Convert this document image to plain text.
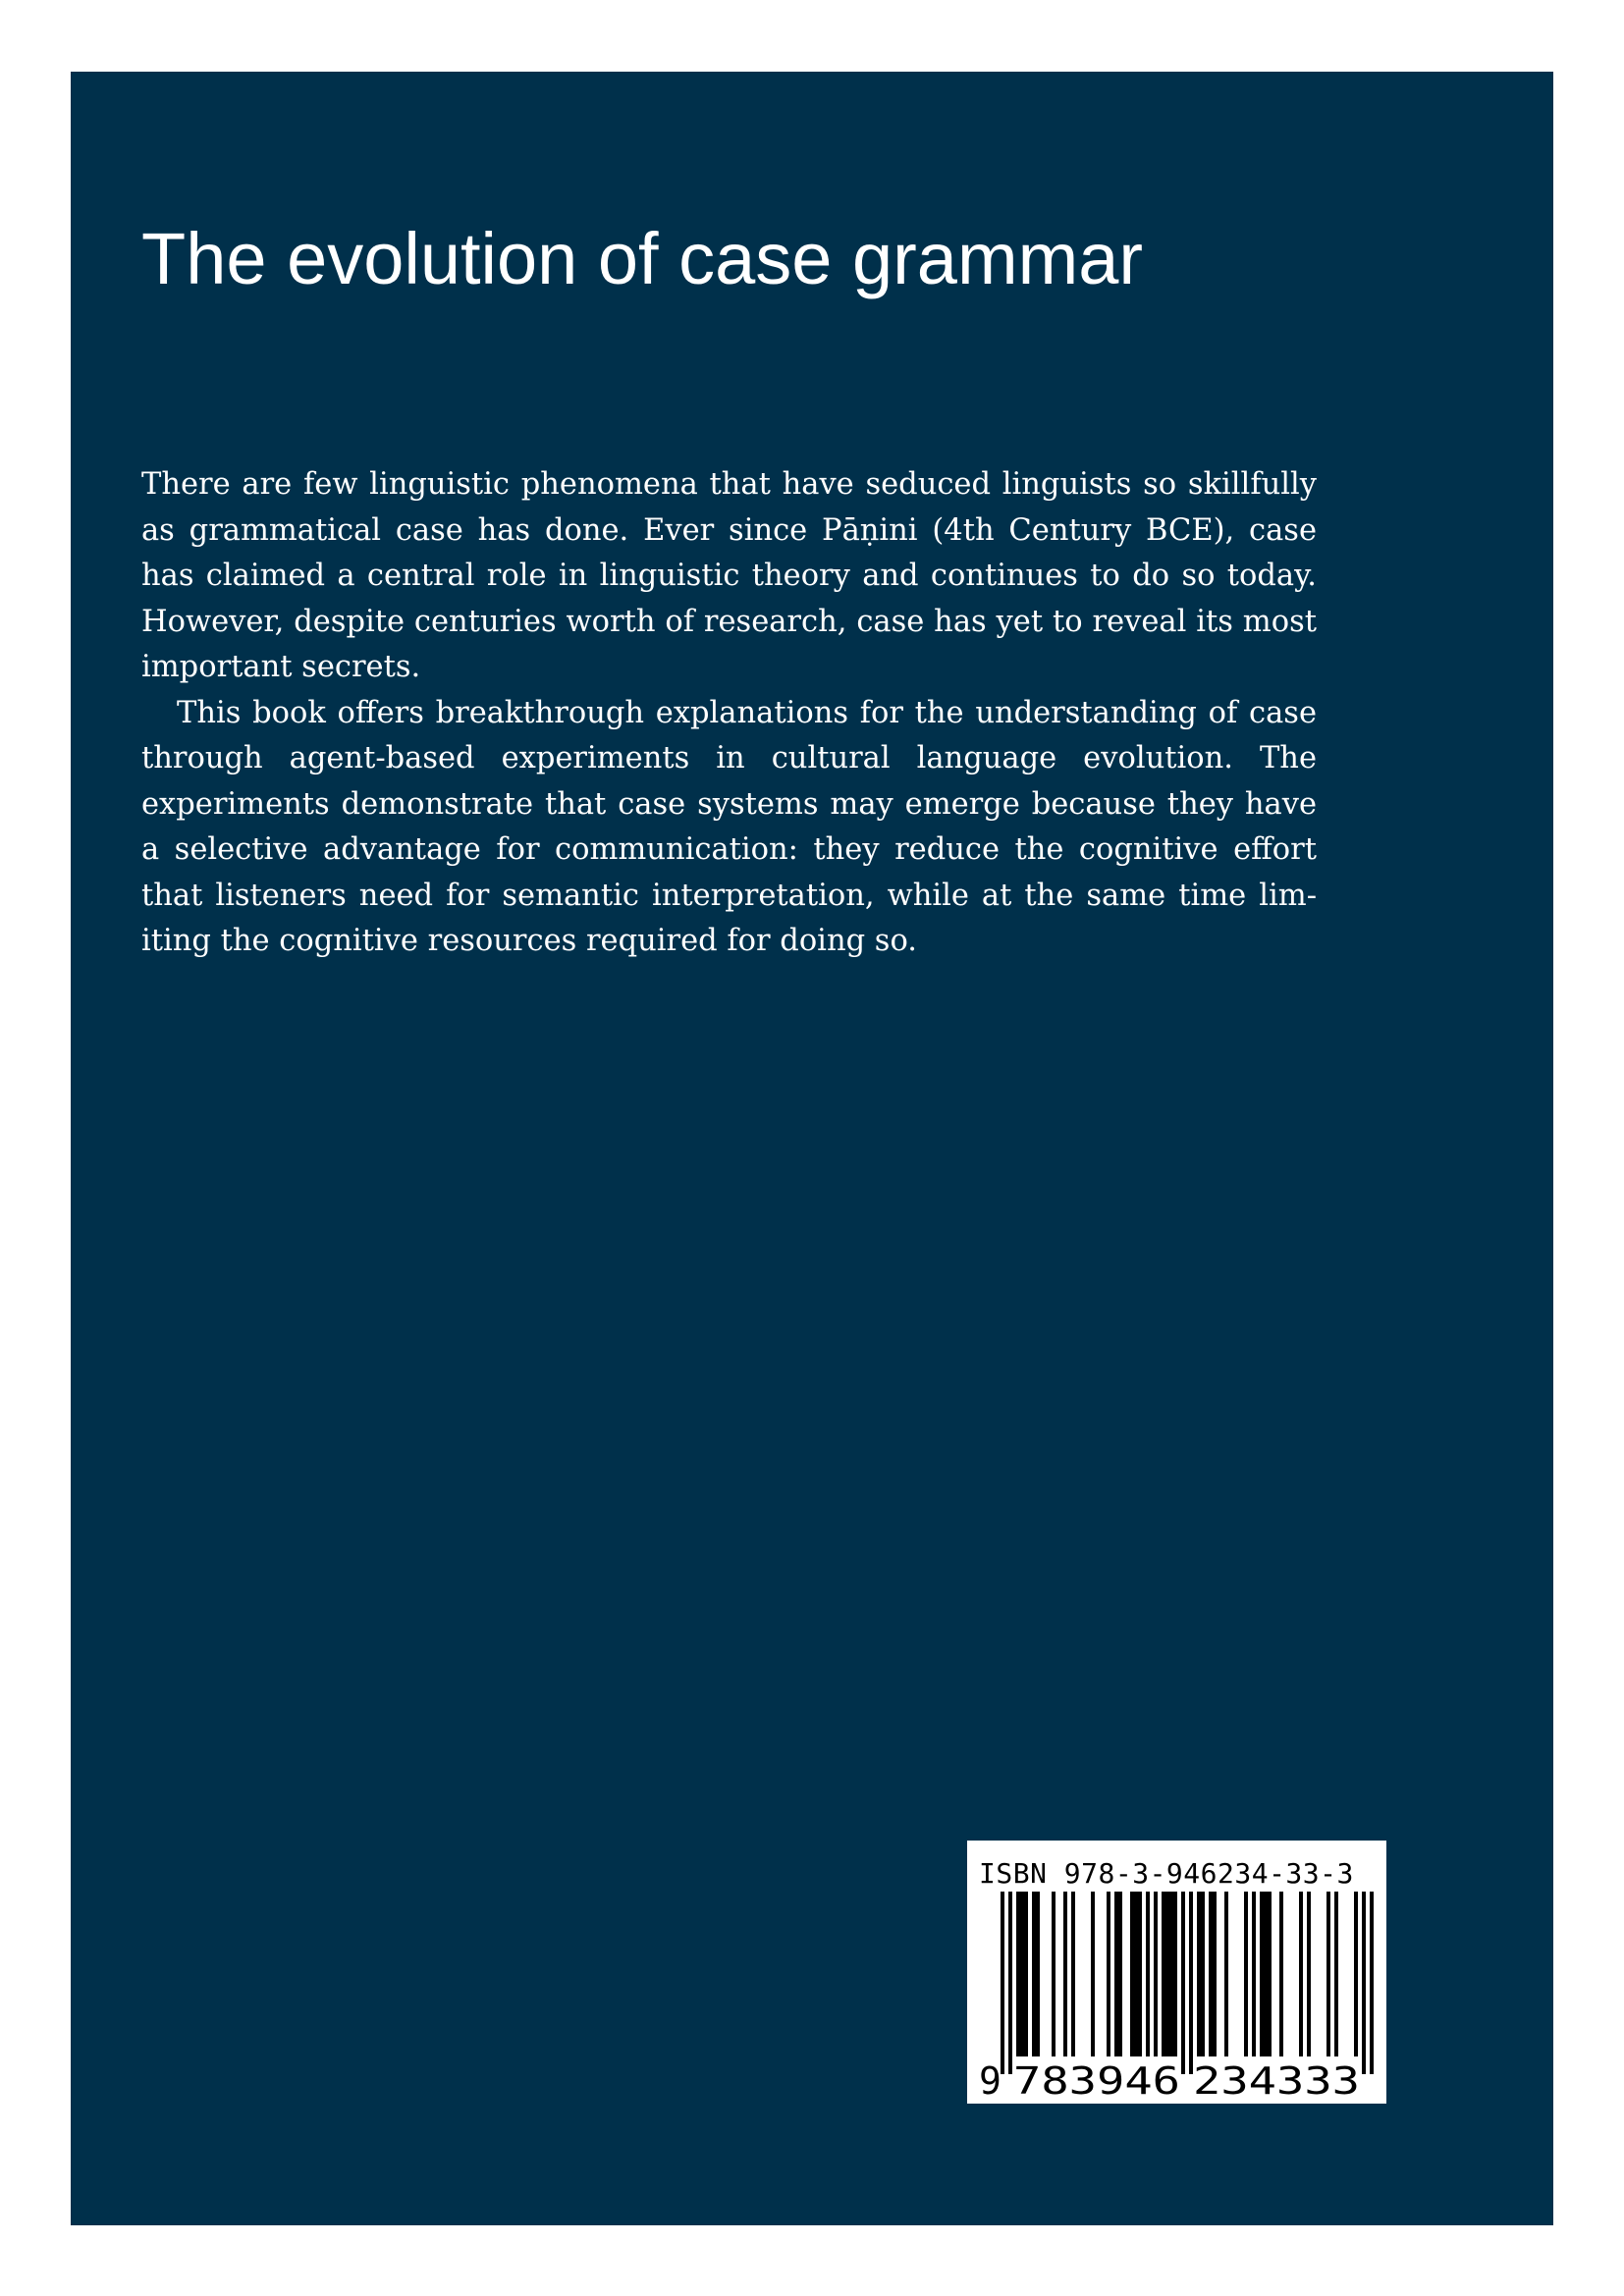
The evolution of case grammar

There are few linguistic phenomena that have seduced linguists so skillfully as grammatical case has done. Ever since Pāṇini (4th Century BCE), case has claimed a central role in linguistic theory and continues to do so today. However, despite centuries worth of research, case has yet to reveal its most important secrets.

This book offers breakthrough explanations for the understanding of case through agent-based experiments in cultural language evolution. The experiments demonstrate that case systems may emerge because they have a selective advantage for communication: they reduce the cognitive effort that listeners need for semantic interpretation, while at the same time limiting the cognitive resources required for doing so.

ISBN 978-3-946234-33-3
9 783946 234333
